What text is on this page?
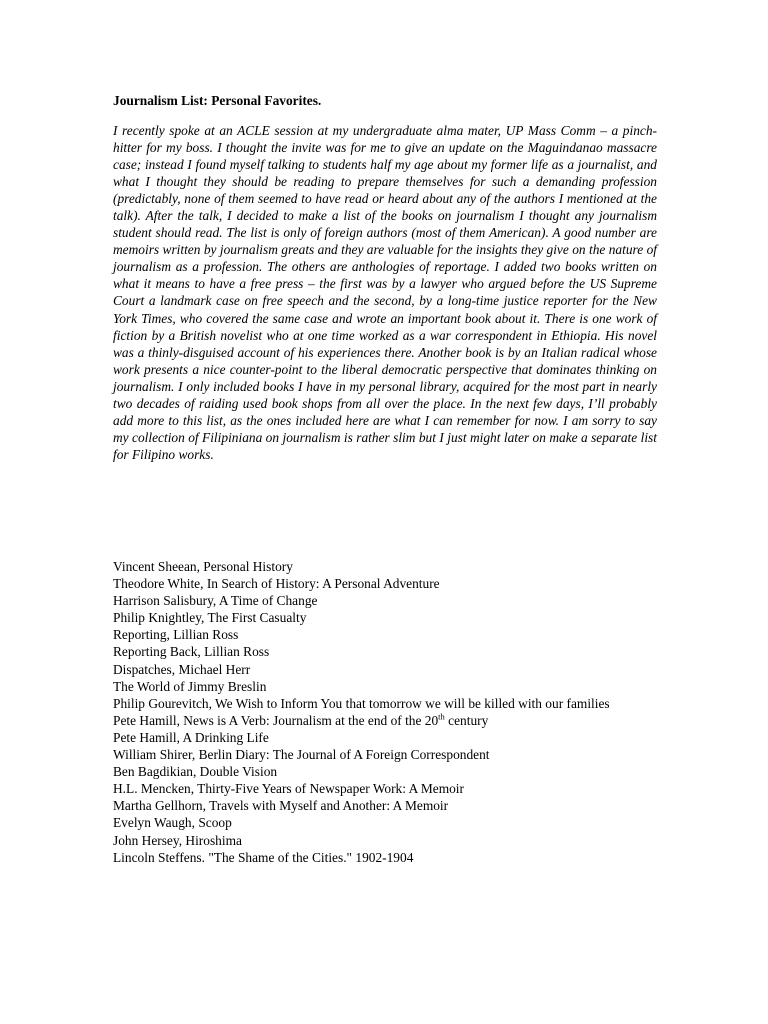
Journalism List: Personal Favorites.

I recently spoke at an ACLE session at my undergraduate alma mater, UP Mass Comm – a pinch-hitter for my boss. I thought the invite was for me to give an update on the Maguindanao massacre case; instead I found myself talking to students half my age about my former life as a journalist, and what I thought they should be reading to prepare themselves for such a demanding profession (predictably, none of them seemed to have read or heard about any of the authors I mentioned at the talk). After the talk, I decided to make a list of the books on journalism I thought any journalism student should read. The list is only of foreign authors (most of them American). A good number are memoirs written by journalism greats and they are valuable for the insights they give on the nature of journalism as a profession. The others are anthologies of reportage. I added two books written on what it means to have a free press – the first was by a lawyer who argued before the US Supreme Court a landmark case on free speech and the second, by a long-time justice reporter for the New York Times, who covered the same case and wrote an important book about it. There is one work of fiction by a British novelist who at one time worked as a war correspondent in Ethiopia. His novel was a thinly-disguised account of his experiences there. Another book is by an Italian radical whose work presents a nice counter-point to the liberal democratic perspective that dominates thinking on journalism. I only included books I have in my personal library, acquired for the most part in nearly two decades of raiding used book shops from all over the place. In the next few days, I’ll probably add more to this list, as the ones included here are what I can remember for now. I am sorry to say my collection of Filipiniana on journalism is rather slim but I just might later on make a separate list for Filipino works.

Vincent Sheean, Personal History
Theodore White, In Search of History: A Personal Adventure
Harrison Salisbury, A Time of Change
Philip Knightley, The First Casualty
Reporting, Lillian Ross
Reporting Back, Lillian Ross
Dispatches, Michael Herr
The World of Jimmy Breslin
Philip Gourevitch, We Wish to Inform You that tomorrow we will be killed with our families
Pete Hamill, News is A Verb: Journalism at the end of the 20th century
Pete Hamill, A Drinking Life
William Shirer, Berlin Diary: The Journal of A Foreign Correspondent
Ben Bagdikian, Double Vision
H.L. Mencken, Thirty-Five Years of Newspaper Work: A Memoir
Martha Gellhorn, Travels with Myself and Another: A Memoir
Evelyn Waugh, Scoop
John Hersey, Hiroshima
Lincoln Steffens. "The Shame of the Cities." 1902-1904
